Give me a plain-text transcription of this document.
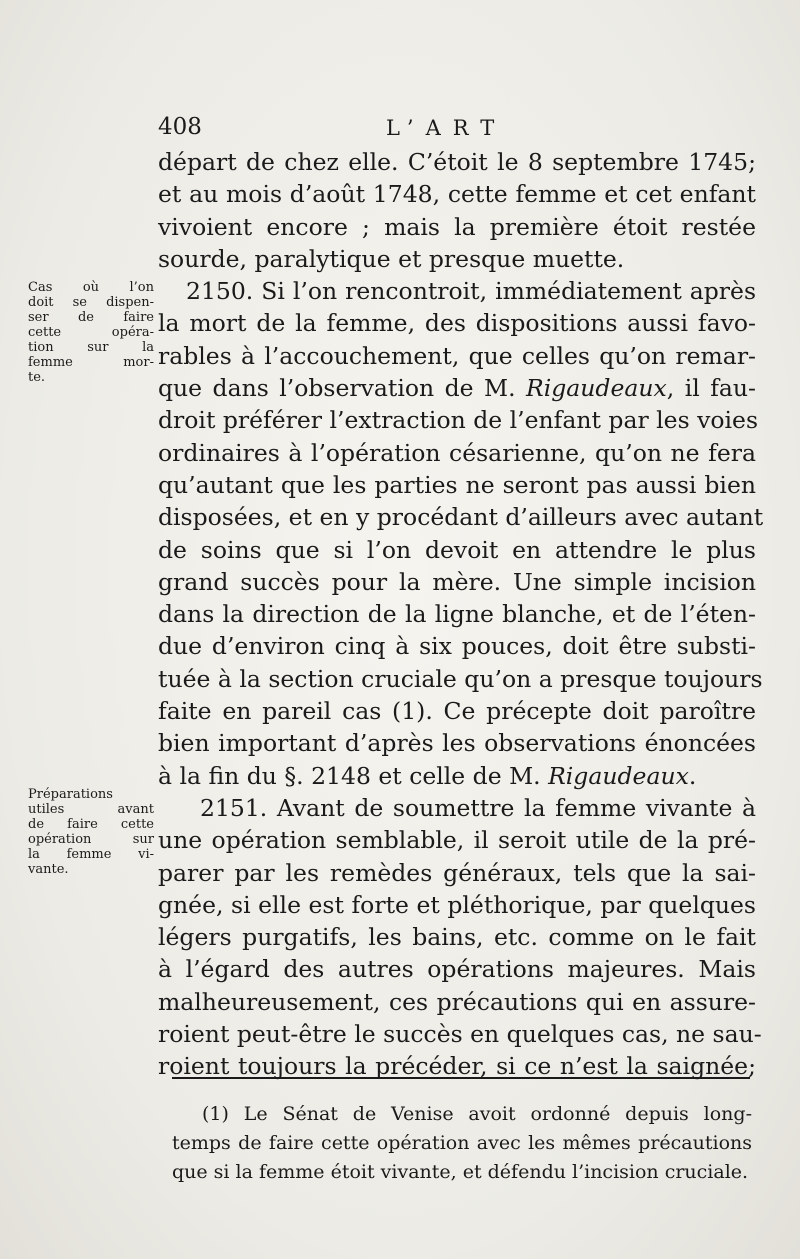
408	L’ART
départ de chez elle. C’étoit le 8 septembre 1745;
et au mois d’août 1748, cette femme et cet enfant
vivoient encore ; mais la première étoit restée
sourde, paralytique et presque muette.
2150. Si l’on rencontroit, immédiatement après
la mort de la femme, des dispositions aussi favo-
rables à l’accouchement, que celles qu’on remar-
que dans l’observation de M. Rigaudeaux, il fau-
droit préférer l’extraction de l’enfant par les voies
ordinaires à l’opération césarienne, qu’on ne fera
qu’autant que les parties ne seront pas aussi bien
disposées, et en y procédant d’ailleurs avec autant
de soins que si l’on devoit en attendre le plus
grand succès pour la mère. Une simple incision
dans la direction de la ligne blanche, et de l’éten-
due d’environ cinq à six pouces, doit être substi-
tuée à la section cruciale qu’on a presque toujours
faite en pareil cas (1). Ce précepte doit paroître
bien important d’après les observations énoncées
à la fin du §. 2148 et celle de M. Rigaudeaux.
2151. Avant de soumettre la femme vivante à
une opération semblable, il seroit utile de la pré-
parer par les remèdes généraux, tels que la sai-
gnée, si elle est forte et pléthorique, par quelques
légers purgatifs, les bains, etc. comme on le fait
à l’égard des autres opérations majeures. Mais
malheureusement, ces précautions qui en assure-
roient peut-être le succès en quelques cas, ne sau-
roient toujours la précéder, si ce n’est la saignée;
Cas où l’on
doit se dispen-
ser de faire
cette opéra-
tion sur la
femme mor-
te.
Préparations
utiles avant
de faire cette
opération sur
la femme vi-
vante.
(1) Le Sénat de Venise avoit ordonné depuis long-
temps de faire cette opération avec les mêmes précautions
que si la femme étoit vivante, et défendu l’incision cruciale.
